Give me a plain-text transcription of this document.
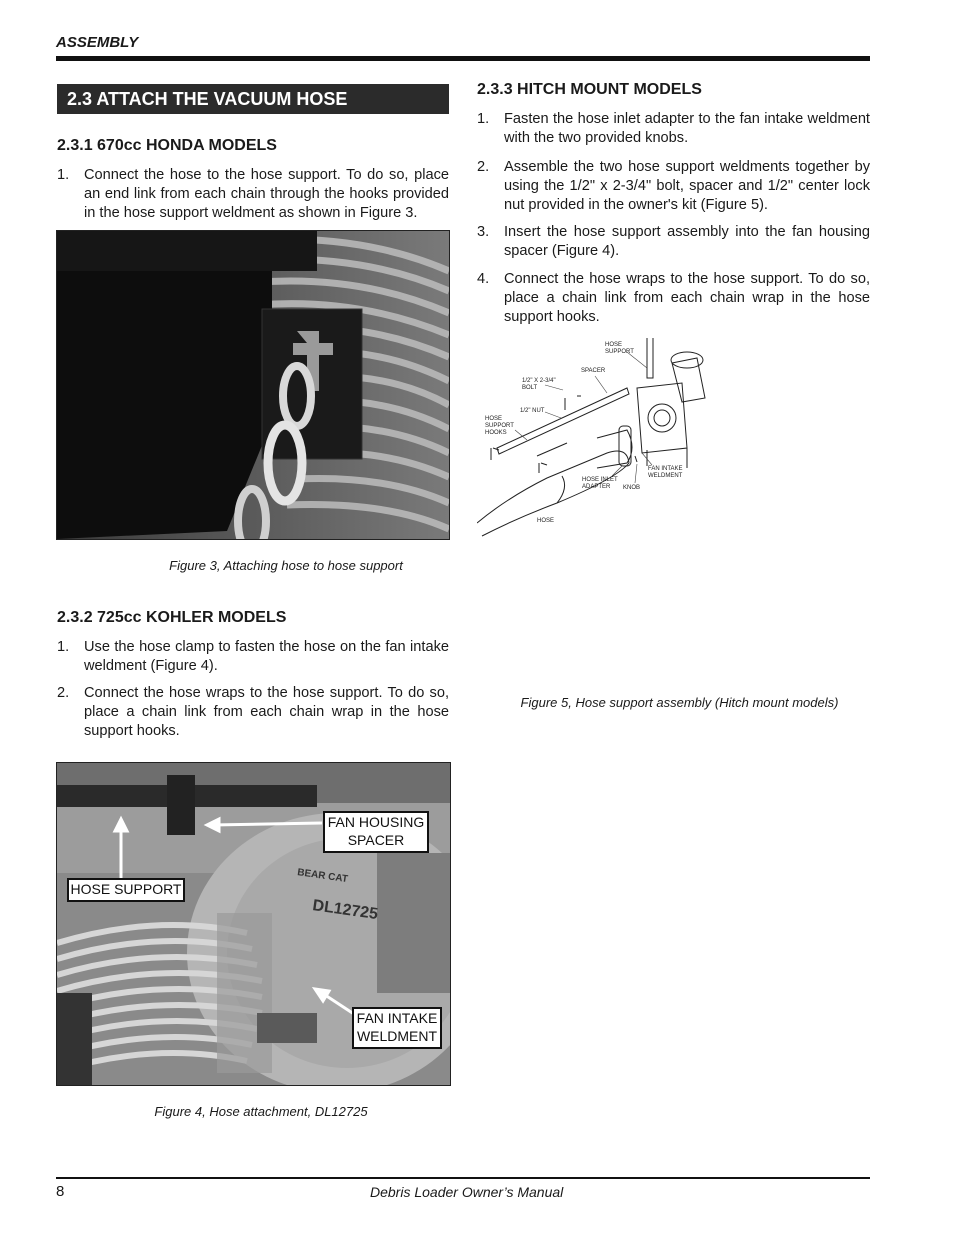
ASSEMBLY
2.3 ATTACH THE VACUUM HOSE
2.3.1 670cc HONDA MODELS
1. Connect the hose to the hose support. To do so, place an end link from each chain through the hooks provided in the hose support weldment as shown in Figure 3.
Figure 3, Attaching hose to hose support
2.3.2 725cc KOHLER MODELS
1. Use the hose clamp to fasten the hose on the fan intake weldment (Figure 4).
2. Connect the hose wraps to the hose support. To do so, place a chain link from each chain wrap in the hose support hooks.
DL12725
BEAR CAT
FAN HOUSING
SPACER
HOSE SUPPORT
FAN INTAKE
WELDMENT
Figure 4, Hose attachment, DL12725
2.3.3 HITCH MOUNT MODELS
1. Fasten the hose inlet adapter to the fan intake weldment with the two provided knobs.
2. Assemble the two hose support weldments together by using the 1/2" x 2-3/4" bolt, spacer and 1/2" center lock nut provided in the owner's kit (Figure 5).
3. Insert the hose support assembly into the fan housing spacer (Figure 4).
4. Connect the hose wraps to the hose support. To do so, place a chain link from each chain wrap in the hose support hooks.
HOSE
SUPPORT
SPACER
1/2" X 2-3/4"
BOLT
1/2" NUT
HOSE
SUPPORT
HOOKS
FAN INTAKE
WELDMENT
HOSE INLET
ADAPTER	KNOB
HOSE
Figure 5, Hose support assembly (Hitch mount models)
8	Debris Loader Owner’s Manual
